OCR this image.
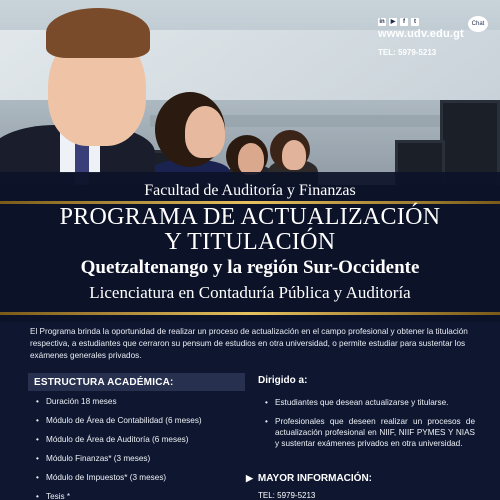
in ▶	f	t	Chat
www.udv.edu.gt
TEL: 5979-5213
Facultad de Auditoría y Finanzas
PROGRAMA DE ACTUALIZACIÓN
Y TITULACIÓN
Quetzaltenango y la región Sur-Occidente
Licenciatura en Contaduría Pública y Auditoría

El Programa brinda la oportunidad de realizar un proceso de actualización en el campo profesional y obtener la titulación respectiva, a estudiantes que cerraron su pensum de estudios en otra universidad, o permite estudiar para sustentar los exámenes generales privados.

ESTRUCTURA ACADÉMICA:
• Duración 18 meses
• Módulo de Área de Contabilidad (6 meses)
• Módulo de Área de Auditoría (6 meses)
• Módulo Finanzas* (3 meses)
• Módulo de Impuestos* (3 meses)
• Tesis *
Dirigido a:
• Estudiantes que desean actualizarse y titularse.
• Profesionales que deseen realizar un procesos de actualización profesional en NIIF, NIIF PYMES Y NIAS y sustentar exámenes privados en otra universidad.
▶ MAYOR INFORMACIÓN:
TEL: 5979-5213
